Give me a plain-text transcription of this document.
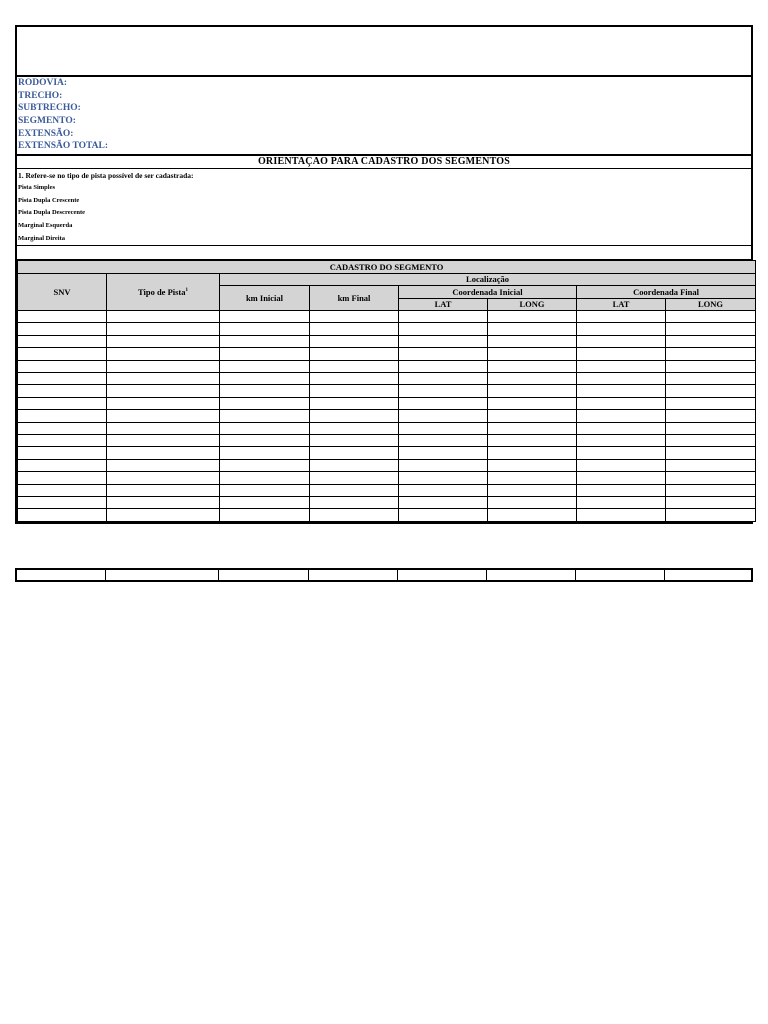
RODOVIA:
TRECHO:
SUBTRECHO:
SEGMENTO:
EXTENSÃO:
EXTENSÃO TOTAL:
ORIENTAÇAO PARA CADASTRO DOS SEGMENTOS
1. Refere-se no tipo de pista possível de ser cadastrada:
Pista Simples
Pista Dupla Crescente
Pista Dupla Descrecente
Marginal Esquerda
Marginal Direita
CADASTRO DO SEGMENTO							
SNV	Tipo de Pista$^1$	Localização					
		km Inicial	km Final	Coordenada Inicial		Coordenada Final	
				LAT	LONG	LAT	LONG
